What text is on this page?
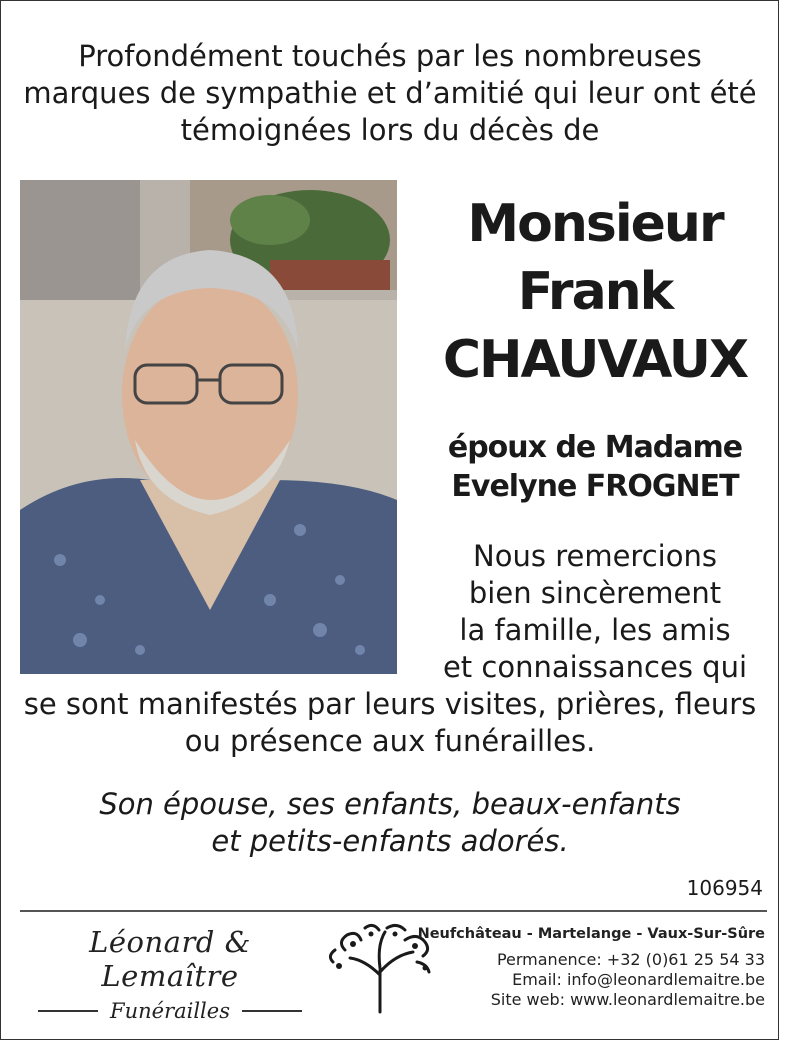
Profondément touchés par les nombreuses
marques de sympathie et d’amitié qui leur ont été
témoignées lors du décès de
Monsieur
Frank
CHAUVAUX
époux de Madame
Evelyne FROGNET
Nous remercions
bien sincèrement
la famille, les amis
et connaissances qui
se sont manifestés par leurs visites, prières, fleurs
ou présence aux funérailles.
Son épouse, ses enfants, beaux-enfants
et petits-enfants adorés.
106954
Léonard & Lemaître
Funérailles
Neufchâteau - Martelange - Vaux-Sur-Sûre
Permanence: +32 (0)61 25 54 33
Email: info@leonardlemaitre.be
Site web: www.leonardlemaitre.be
